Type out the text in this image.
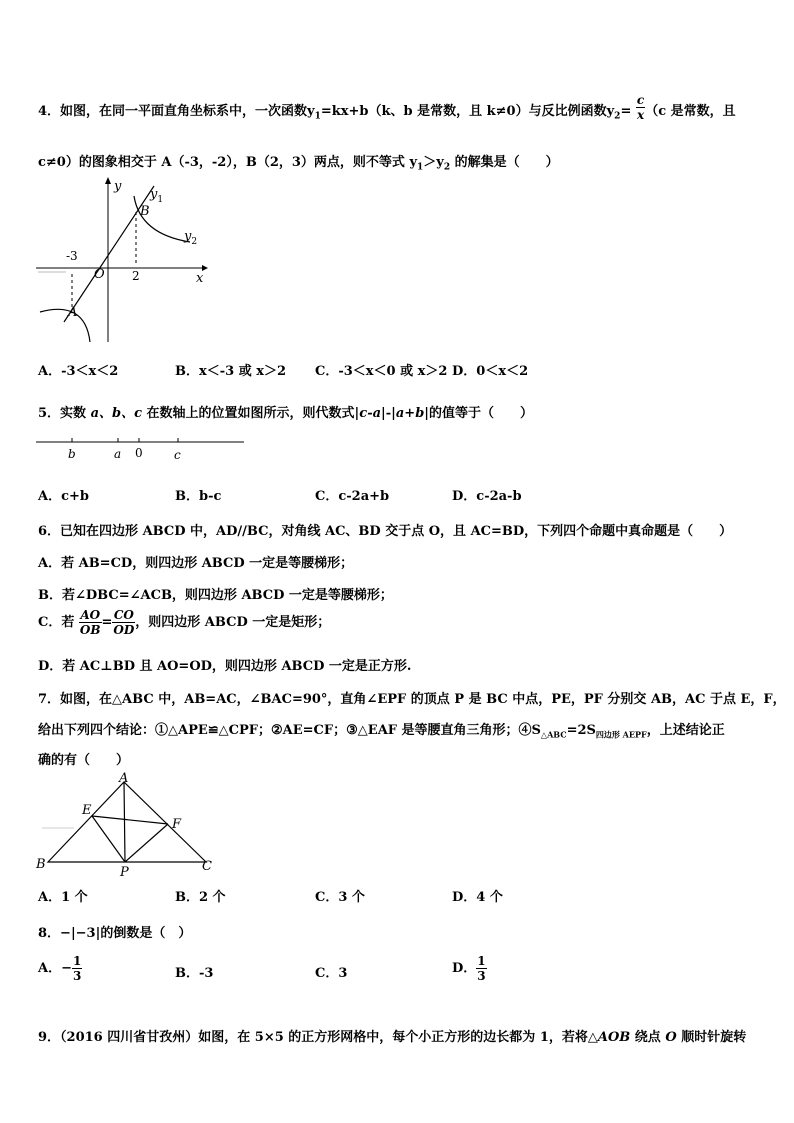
4．如图，在同一平面直角坐标系中，一次函数$y_1=kx+b(k$、b 是常数，且 k≠0）与反比例函数$y_2= \frac{c}{x} (c$ 是常数，且
c≠0）的图象相交于 A（-3，-2），B（2，3）两点，则不等式 $y_1>y_2$ 的解集是（　　）
y
x
O
-3
2
B
A
$y_1$
$y_2$
A．-3＜x＜2	B．x＜-3 或 x＞2 C．-3＜x＜0 或 x＞2 D．0＜x＜2
5．实数 a、b、c 在数轴上的位置如图所示，则代数式|c-a|-|a+b|的值等于（　　）
b	a 0	c
A．c+b	B．b-c	C．c-2a+b	D．c-2a-b
6．已知在四边形 ABCD 中，AD//BC，对角线 AC、BD 交于点 O，且 AC=BD，下列四个命题中真命题是（　　）
A．若 AB=CD，则四边形 ABCD 一定是等腰梯形；
B．若∠DBC=∠ACB，则四边形 ABCD 一定是等腰梯形；
C．若 $\frac{AO}{OB} = \frac{CO}{OD}$ ，则四边形 ABCD 一定是矩形；
D．若 AC⊥BD 且 AO=OD，则四边形 ABCD 一定是正方形.
7．如图，在△ABC 中，AB=AC，∠BAC=90°，直角∠EPF 的顶点 P 是 BC 中点，PE，PF 分别交 AB，AC 于点 E，F，
给出下列四个结论：①△APE≌△CPF；②AE=CF；③△EAF 是等腰直角三角形；$④S_{\triangle ABC}=2S_{四边形 AEPF}$，上述结论正
确的有（　　）
A
B	C
E
F
P
A．1 个	B．2 个	C．3 个	D．4 个
8．−|−3|的倒数是（　）
A．− $\frac{1}{3}$	B．-3	C．3	D． $\frac{1}{3}$
9．（2016 四川省甘孜州）如图，在 5×5 的正方形网格中，每个小正方形的边长都为 1，若将△AOB 绕点 O 顺时针旋转
